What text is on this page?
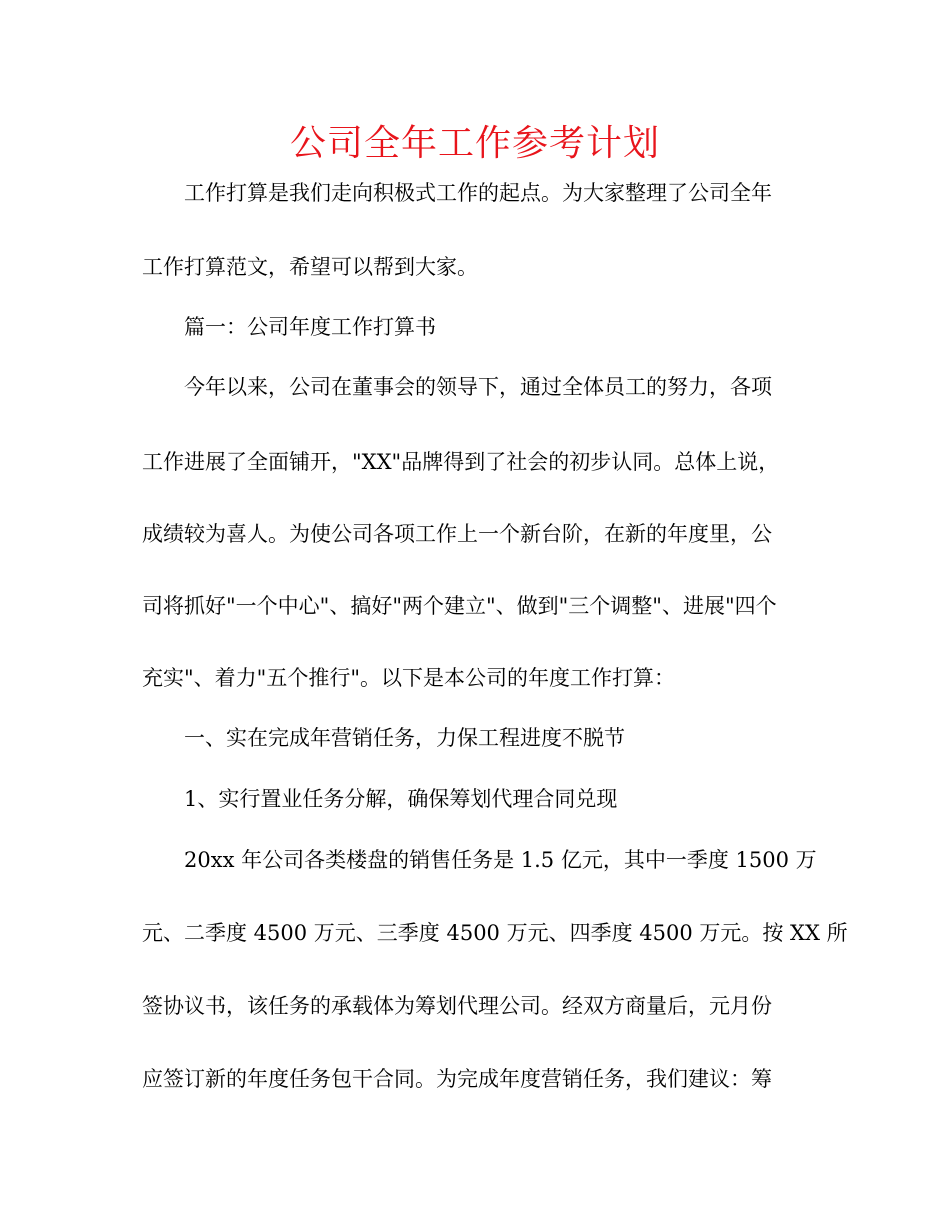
公司全年工作参考计划

工作打算是我们走向积极式工作的起点。为大家整理了公司全年

工作打算范文，希望可以帮到大家。

篇一：公司年度工作打算书

今年以来，公司在董事会的领导下，通过全体员工的努力，各项

工作进展了全面铺开，"XX"品牌得到了社会的初步认同。总体上说，

成绩较为喜人。为使公司各项工作上一个新台阶，在新的年度里，公

司将抓好"一个中心"、搞好"两个建立"、做到"三个调整"、进展"四个

充实"、着力"五个推行"。以下是本公司的年度工作打算：

一、实在完成年营销任务，力保工程进度不脱节

1、实行置业任务分解，确保筹划代理合同兑现

20xx 年公司各类楼盘的销售任务是 1.5 亿元，其中一季度 1500 万

元、二季度 4500 万元、三季度 4500 万元、四季度 4500 万元。按 XX 所

签协议书，该任务的承载体为筹划代理公司。经双方商量后，元月份

应签订新的年度任务包干合同。为完成年度营销任务，我们建议：筹
